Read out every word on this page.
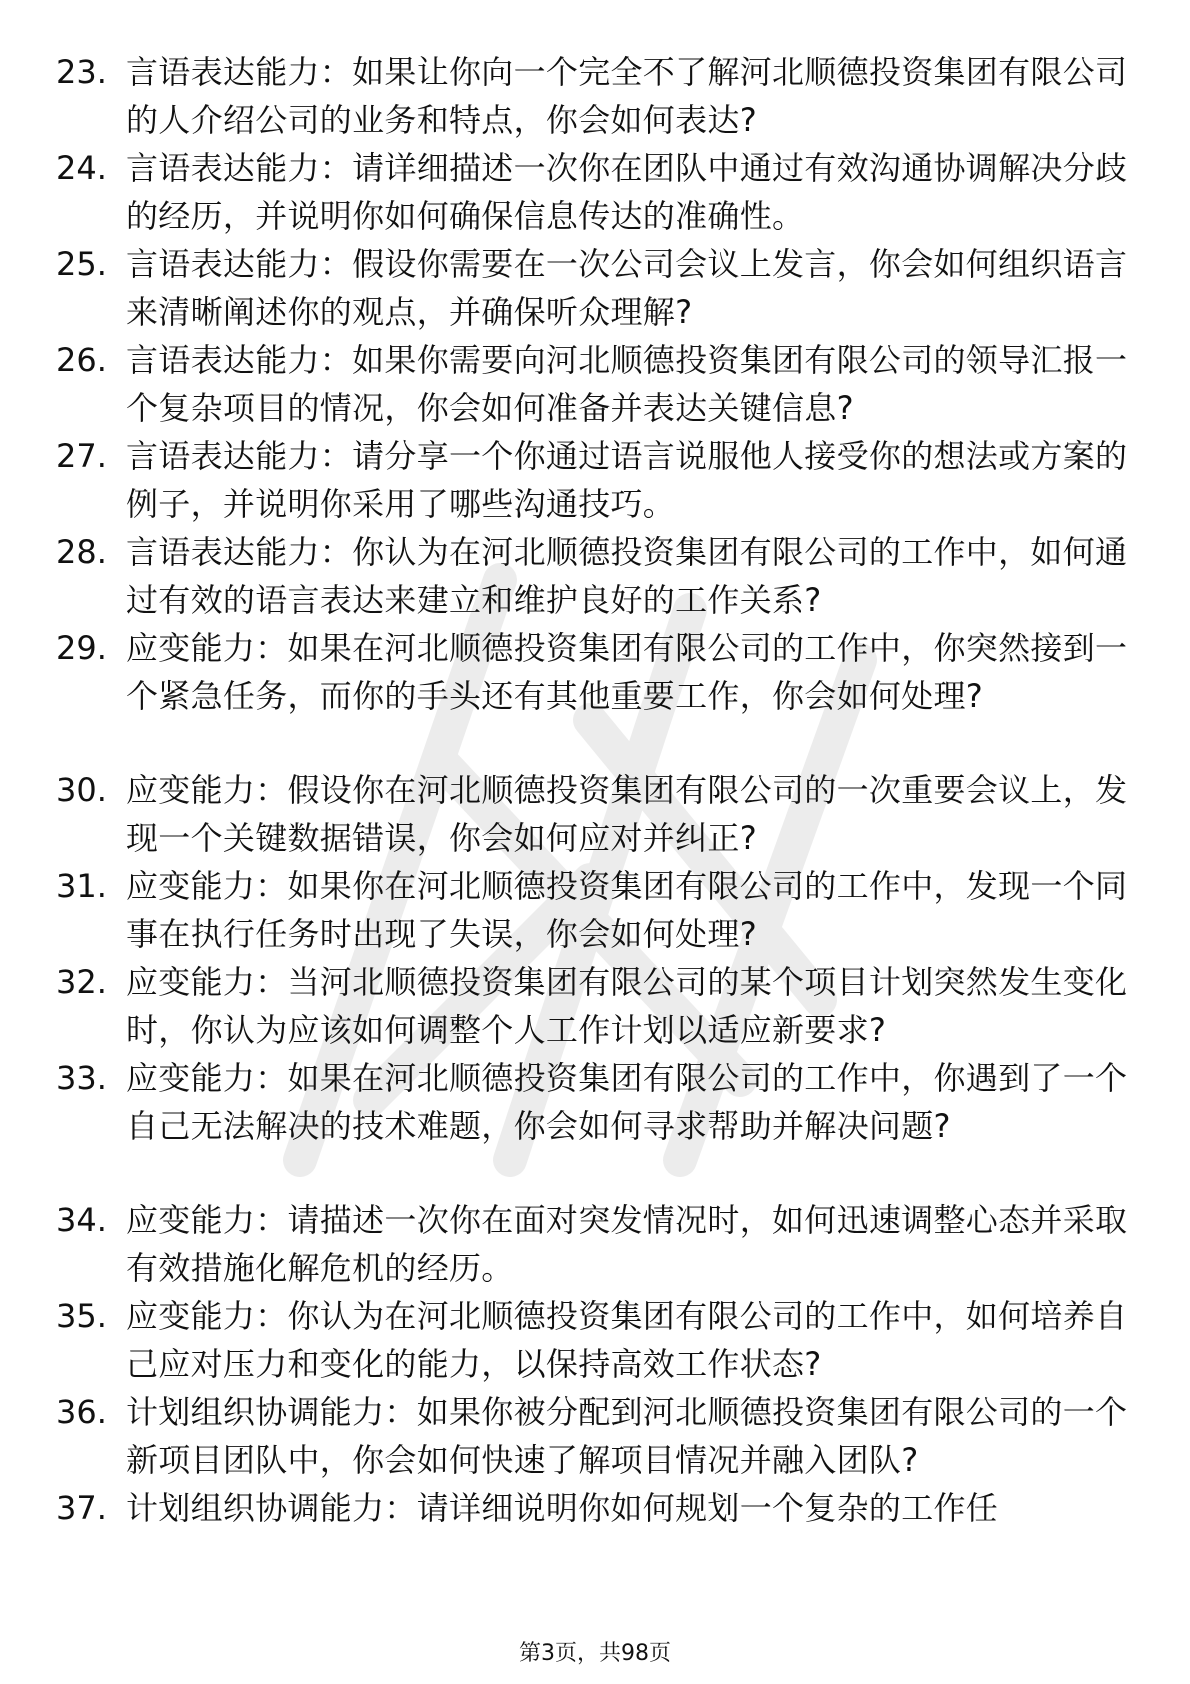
23. 言语表达能力：如果让你向一个完全不了解河北顺德投资集团有限公司的人介绍公司的业务和特点，你会如何表达?
24. 言语表达能力：请详细描述一次你在团队中通过有效沟通协调解决分歧的经历，并说明你如何确保信息传达的准确性。
25. 言语表达能力：假设你需要在一次公司会议上发言，你会如何组织语言来清晰阐述你的观点，并确保听众理解?
26. 言语表达能力：如果你需要向河北顺德投资集团有限公司的领导汇报一个复杂项目的情况，你会如何准备并表达关键信息?
27. 言语表达能力：请分享一个你通过语言说服他人接受你的想法或方案的例子，并说明你采用了哪些沟通技巧。
28. 言语表达能力：你认为在河北顺德投资集团有限公司的工作中，如何通过有效的语言表达来建立和维护良好的工作关系?
29. 应变能力：如果在河北顺德投资集团有限公司的工作中，你突然接到一个紧急任务，而你的手头还有其他重要工作，你会如何处理?
30. 应变能力：假设你在河北顺德投资集团有限公司的一次重要会议上，发现一个关键数据错误，你会如何应对并纠正?
31. 应变能力：如果你在河北顺德投资集团有限公司的工作中，发现一个同事在执行任务时出现了失误，你会如何处理?
32. 应变能力：当河北顺德投资集团有限公司的某个项目计划突然发生变化时，你认为应该如何调整个人工作计划以适应新要求?
33. 应变能力：如果在河北顺德投资集团有限公司的工作中，你遇到了一个自己无法解决的技术难题，你会如何寻求帮助并解决问题?
34. 应变能力：请描述一次你在面对突发情况时，如何迅速调整心态并采取有效措施化解危机的经历。
35. 应变能力：你认为在河北顺德投资集团有限公司的工作中，如何培养自己应对压力和变化的能力，以保持高效工作状态?
36. 计划组织协调能力：如果你被分配到河北顺德投资集团有限公司的一个新项目团队中，你会如何快速了解项目情况并融入团队?
37. 计划组织协调能力：请详细说明你如何规划一个复杂的工作任
第3页，共98页
